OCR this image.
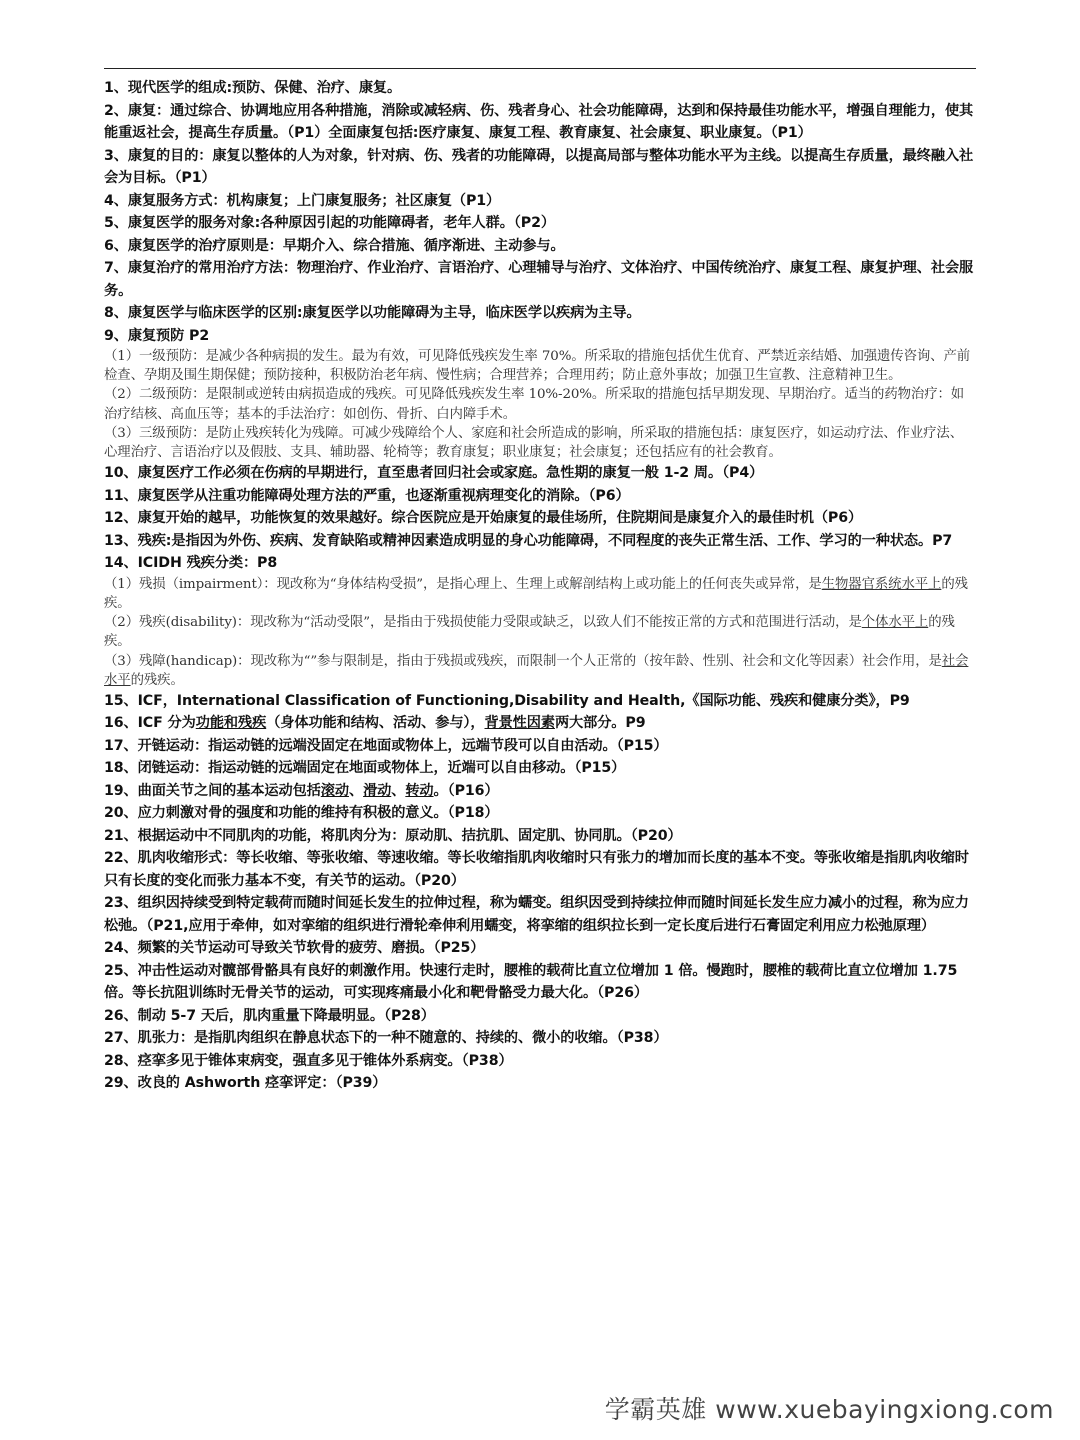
1、现代医学的组成:预防、保健、治疗、康复。

2、康复：通过综合、协调地应用各种措施，消除或减轻病、伤、残者身心、社会功能障碍，达到和保持最佳功能水平，增强自理能力，使其能重返社会，提高生存质量。（P1）全面康复包括:医疗康复、康复工程、教育康复、社会康复、职业康复。（P1）

3、康复的目的：康复以整体的人为对象，针对病、伤、残者的功能障碍，以提高局部与整体功能水平为主线。以提高生存质量，最终融入社会为目标。（P1）

4、康复服务方式：机构康复；上门康复服务；社区康复（P1）

5、康复医学的服务对象:各种原因引起的功能障碍者，老年人群。（P2）

6、康复医学的治疗原则是：早期介入、综合措施、循序渐进、主动参与。

7、康复治疗的常用治疗方法：物理治疗、作业治疗、言语治疗、心理辅导与治疗、文体治疗、中国传统治疗、康复工程、康复护理、社会服务。

8、康复医学与临床医学的区别:康复医学以功能障碍为主导，临床医学以疾病为主导。

9、康复预防 P2

（1）一级预防：是减少各种病损的发生。最为有效，可见降低残疾发生率 70%。所采取的措施包括优生优育、严禁近亲结婚、加强遗传咨询、产前检查、孕期及围生期保健；预防接种，积极防治老年病、慢性病；合理营养；合理用药；防止意外事故；加强卫生宣教、注意精神卫生。

（2）二级预防：是限制或逆转由病损造成的残疾。可见降低残疾发生率 10%-20%。所采取的措施包括早期发现、早期治疗。适当的药物治疗：如治疗结核、高血压等；基本的手法治疗：如创伤、骨折、白内障手术。

（3）三级预防：是防止残疾转化为残障。可减少残障给个人、家庭和社会所造成的影响，所采取的措施包括：康复医疗，如运动疗法、作业疗法、心理治疗、言语治疗以及假肢、支具、辅助器、轮椅等；教育康复；职业康复；社会康复；还包括应有的社会教育。

10、康复医疗工作必须在伤病的早期进行，直至患者回归社会或家庭。急性期的康复一般 1-2 周。（P4）

11、康复医学从注重功能障碍处理方法的严重，也逐渐重视病理变化的消除。（P6）

12、康复开始的越早，功能恢复的效果越好。综合医院应是开始康复的最佳场所，住院期间是康复介入的最佳时机（P6）

13、残疾:是指因为外伤、疾病、发育缺陷或精神因素造成明显的身心功能障碍，不同程度的丧失正常生活、工作、学习的一种状态。P7

14、ICIDH 残疾分类：P8

（1）残损（impairment）：现改称为“身体结构受损”，是指心理上、生理上或解剖结构上或功能上的任何丧失或异常，是生物器官系统水平上的残疾。

（2）残疾(disability)：现改称为“活动受限”，是指由于残损使能力受限或缺乏，以致人们不能按正常的方式和范围进行活动，是个体水平上的残疾。

（3）残障(handicap)：现改称为“”参与限制是，指由于残损或残疾，而限制一个人正常的（按年龄、性别、社会和文化等因素）社会作用，是社会水平的残疾。

15、ICF，International Classification of Functioning,Disability and Health,《国际功能、残疾和健康分类》，P9

16、ICF 分为功能和残疾（身体功能和结构、活动、参与），背景性因素两大部分。P9

17、开链运动：指运动链的远端没固定在地面或物体上，远端节段可以自由活动。（P15）

18、闭链运动：指运动链的远端固定在地面或物体上，近端可以自由移动。（P15）

19、曲面关节之间的基本运动包括滚动、滑动、转动。（P16）

20、应力刺激对骨的强度和功能的维持有积极的意义。（P18）

21、根据运动中不同肌肉的功能，将肌肉分为：原动肌、拮抗肌、固定肌、协同肌。（P20）

22、肌肉收缩形式：等长收缩、等张收缩、等速收缩。等长收缩指肌肉收缩时只有张力的增加而长度的基本不变。等张收缩是指肌肉收缩时只有长度的变化而张力基本不变，有关节的运动。（P20）

23、组织因持续受到特定载荷而随时间延长发生的拉伸过程，称为蠕变。组织因受到持续拉伸而随时间延长发生应力减小的过程，称为应力松弛。（P21,应用于牵伸，如对挛缩的组织进行滑轮牵伸利用蠕变，将挛缩的组织拉长到一定长度后进行石膏固定利用应力松弛原理）

24、频繁的关节运动可导致关节软骨的疲劳、磨损。（P25）

25、冲击性运动对髋部骨骼具有良好的刺激作用。快速行走时，腰椎的载荷比直立位增加 1 倍。慢跑时，腰椎的载荷比直立位增加 1.75 倍。等长抗阻训练时无骨关节的运动，可实现疼痛最小化和靶骨骼受力最大化。（P26）

26、制动 5-7 天后，肌肉重量下降最明显。（P28）

27、肌张力：是指肌肉组织在静息状态下的一种不随意的、持续的、微小的收缩。（P38）

28、痉挛多见于锥体束病变，强直多见于锥体外系病变。（P38）

29、改良的 Ashworth 痉挛评定：（P39）

学霸英雄 www.xuebayingxiong.com
